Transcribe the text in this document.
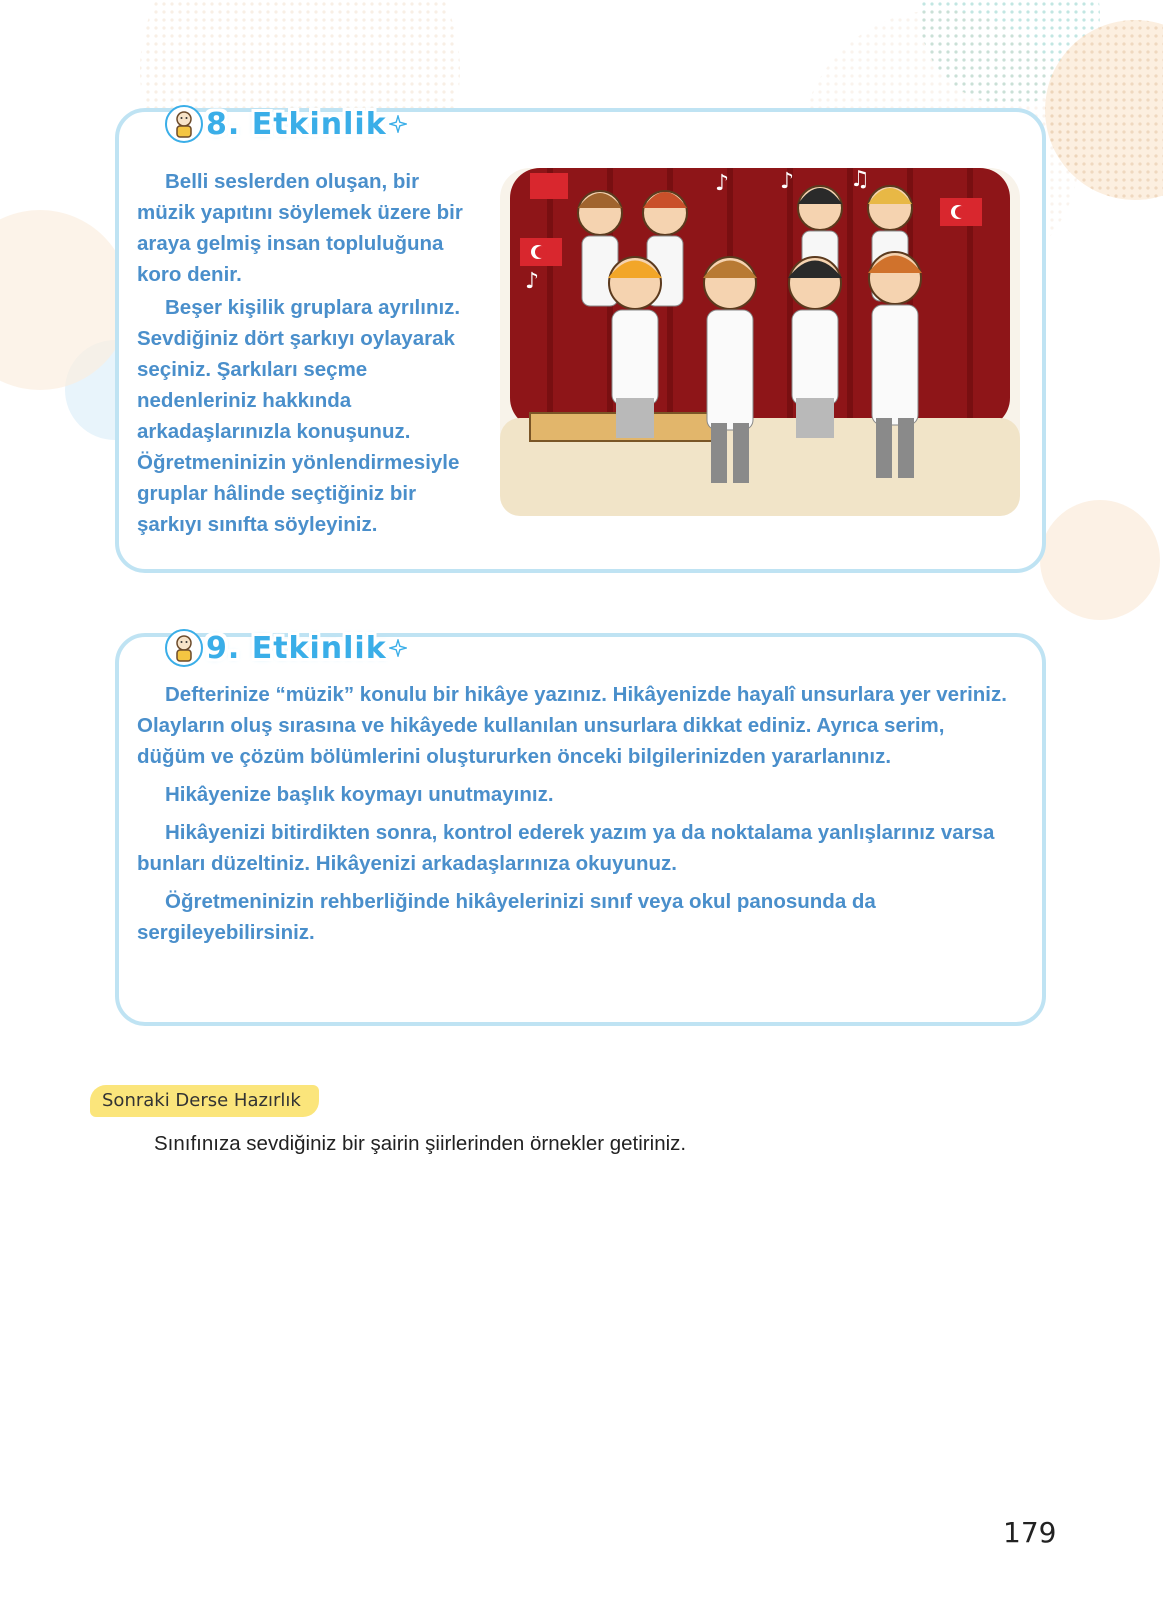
8. Etkinlik

Belli seslerden oluşan, bir müzik yapıtını söylemek üzere bir araya gelmiş insan topluluğuna koro denir.

Beşer kişilik gruplara ayrılınız. Sevdiğiniz dört şarkıyı oylayarak seçiniz. Şarkıları seçme nedenleriniz hakkında arkadaşlarınızla konuşunuz. Öğretmeninizin yönlendirmesiyle gruplar hâlinde seçtiğiniz bir şarkıyı sınıfta söyleyiniz.

♪ ♪	♫
♪
9. Etkinlik

Defterinize “müzik” konulu bir hikâye yazınız. Hikâyenizde hayalî unsurlara yer veriniz. Olayların oluş sırasına ve hikâyede kullanılan unsurlara dikkat ediniz. Ayrıca serim, düğüm ve çözüm bölümlerini oluştururken önceki bilgilerinizden yararlanınız.

Hikâyenize başlık koymayı unutmayınız.

Hikâyenizi bitirdikten sonra, kontrol ederek yazım ya da noktalama yanlışlarınız varsa bunları düzeltiniz. Hikâyenizi arkadaşlarınıza okuyunuz.

Öğretmeninizin rehberliğinde hikâyelerinizi sınıf veya okul panosunda da sergileyebilirsiniz.

Sonraki Derse Hazırlık
Sınıfınıza sevdiğiniz bir şairin şiirlerinden örnekler getiriniz.
179
